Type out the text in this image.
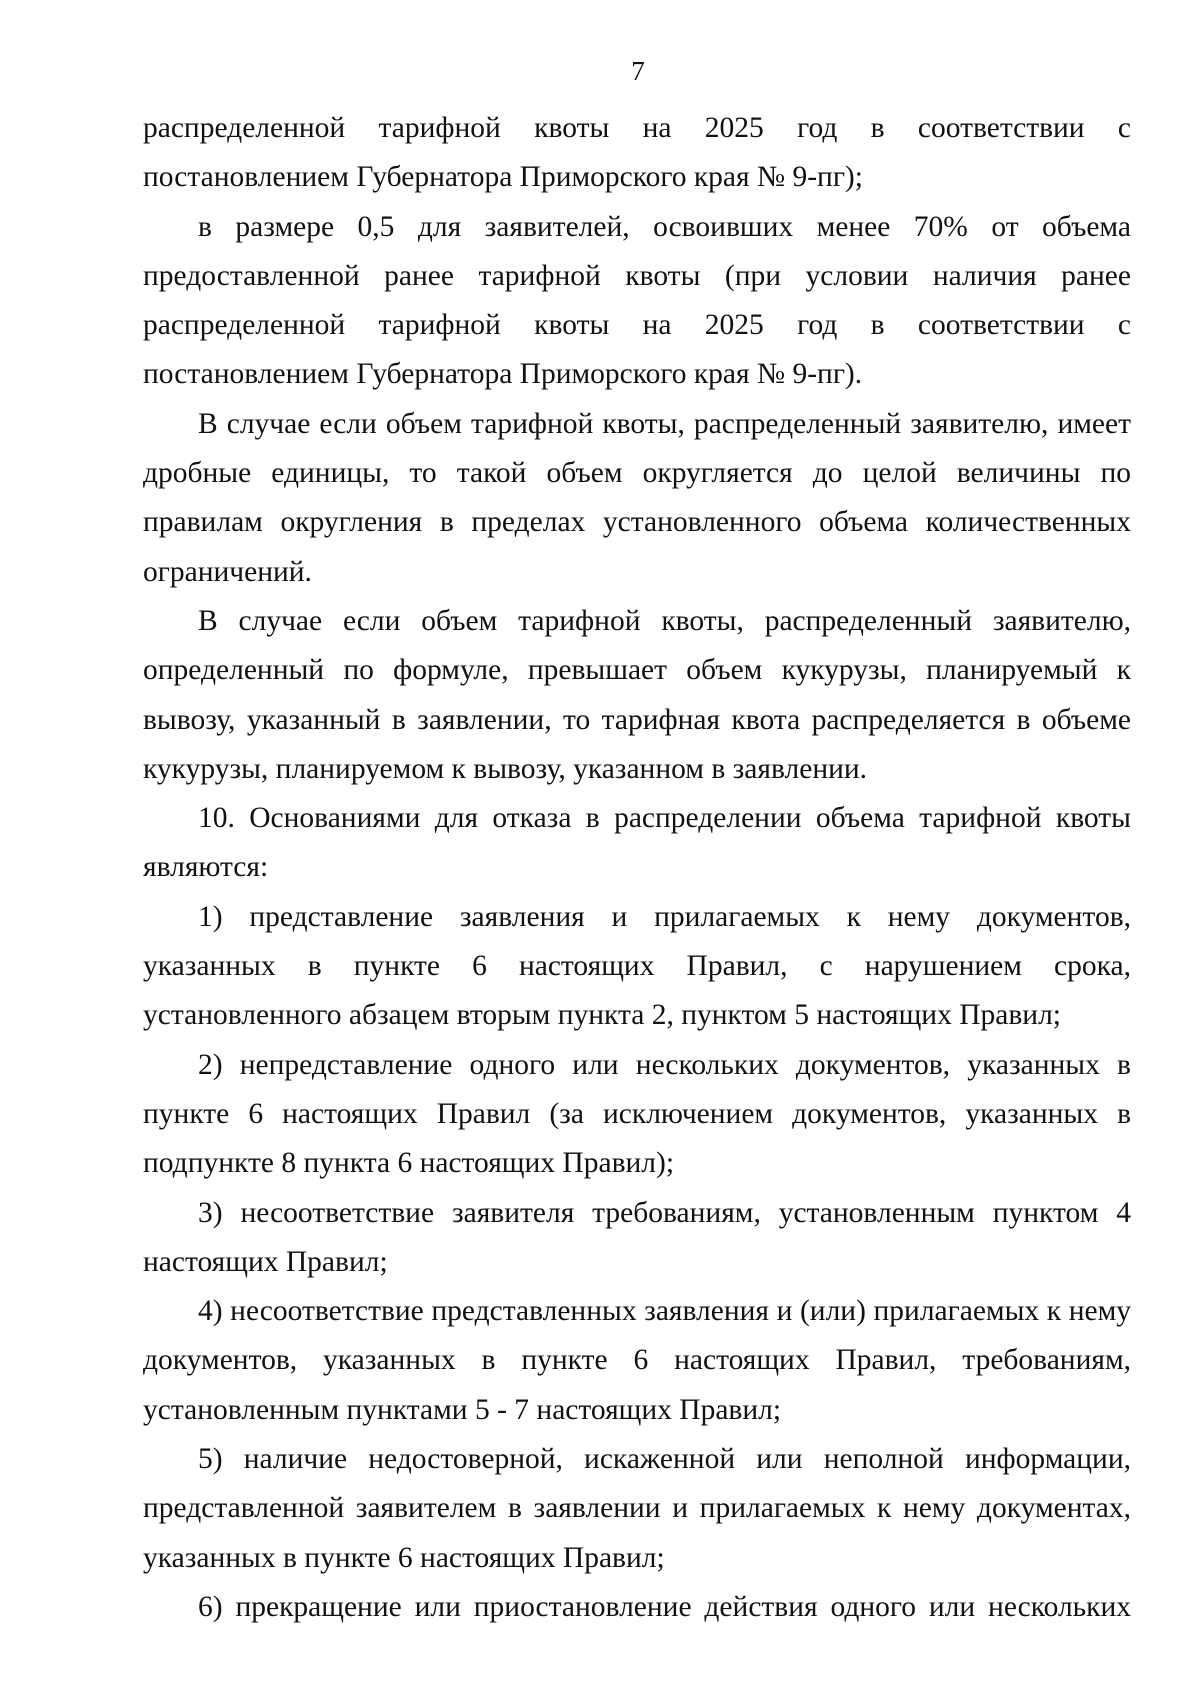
7

распределенной тарифной квоты на 2025 год в соответствии с постановлением Губернатора Приморского края № 9-пг);

в размере 0,5 для заявителей, освоивших менее 70% от объема предоставленной ранее тарифной квоты (при условии наличия ранее распределенной тарифной квоты на 2025 год в соответствии с постановлением Губернатора Приморского края № 9-пг).

В случае если объем тарифной квоты, распределенный заявителю, имеет дробные единицы, то такой объем округляется до целой величины по правилам округления в пределах установленного объема количественных ограничений.

В случае если объем тарифной квоты, распределенный заявителю, определенный по формуле, превышает объем кукурузы, планируемый к вывозу, указанный в заявлении, то тарифная квота распределяется в объеме кукурузы, планируемом к вывозу, указанном в заявлении.

10. Основаниями для отказа в распределении объема тарифной квоты являются:

1) представление заявления и прилагаемых к нему документов, указанных в пункте 6 настоящих Правил, с нарушением срока, установленного абзацем вторым пункта 2, пунктом 5 настоящих Правил;

2) непредставление одного или нескольких документов, указанных в пункте 6 настоящих Правил (за исключением документов, указанных в подпункте 8 пункта 6 настоящих Правил);

3) несоответствие заявителя требованиям, установленным пунктом 4 настоящих Правил;

4) несоответствие представленных заявления и (или) прилагаемых к нему документов, указанных в пункте 6 настоящих Правил, требованиям, установленным пунктами 5 - 7 настоящих Правил;

5) наличие недостоверной, искаженной или неполной информации, представленной заявителем в заявлении и прилагаемых к нему документах, указанных в пункте 6 настоящих Правил;

6) прекращение или приостановление действия одного или нескольких
